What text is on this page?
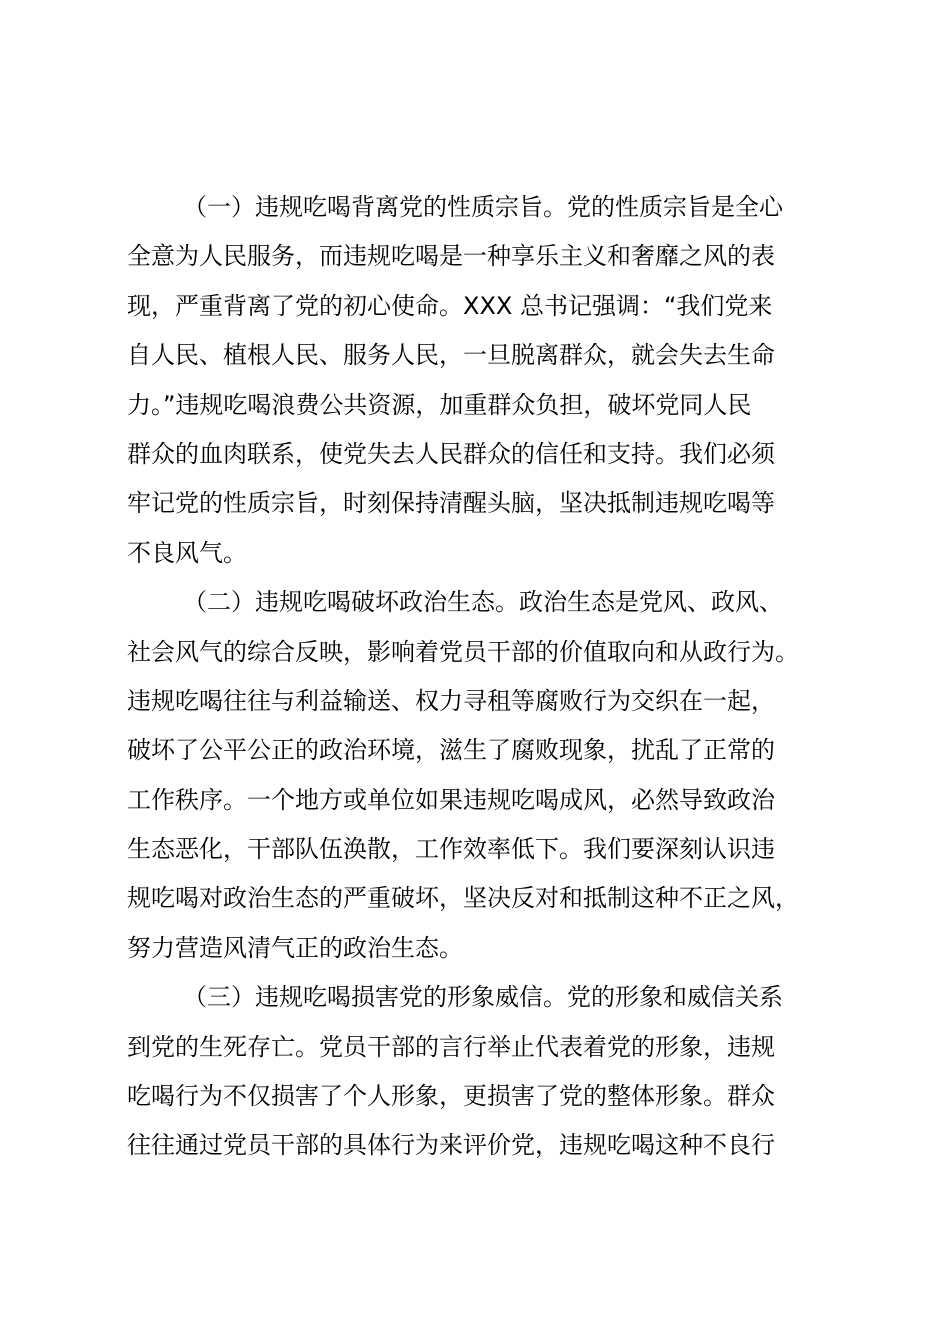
（一）违规吃喝背离党的性质宗旨。党的性质宗旨是全心
全意为人民服务，而违规吃喝是一种享乐主义和奢靡之风的表
现，严重背离了党的初心使命。XXX 总书记强调：“我们党来
自人民、植根人民、服务人民，一旦脱离群众，就会失去生命
力。”违规吃喝浪费公共资源，加重群众负担，破坏党同人民
群众的血肉联系，使党失去人民群众的信任和支持。我们必须
牢记党的性质宗旨，时刻保持清醒头脑，坚决抵制违规吃喝等
不良风气。
（二）违规吃喝破坏政治生态。政治生态是党风、政风、
社会风气的综合反映，影响着党员干部的价值取向和从政行为。
违规吃喝往往与利益输送、权力寻租等腐败行为交织在一起，
破坏了公平公正的政治环境，滋生了腐败现象，扰乱了正常的
工作秩序。一个地方或单位如果违规吃喝成风，必然导致政治
生态恶化，干部队伍涣散，工作效率低下。我们要深刻认识违
规吃喝对政治生态的严重破坏，坚决反对和抵制这种不正之风，
努力营造风清气正的政治生态。
（三）违规吃喝损害党的形象威信。党的形象和威信关系
到党的生死存亡。党员干部的言行举止代表着党的形象，违规
吃喝行为不仅损害了个人形象，更损害了党的整体形象。群众
往往通过党员干部的具体行为来评价党，违规吃喝这种不良行
